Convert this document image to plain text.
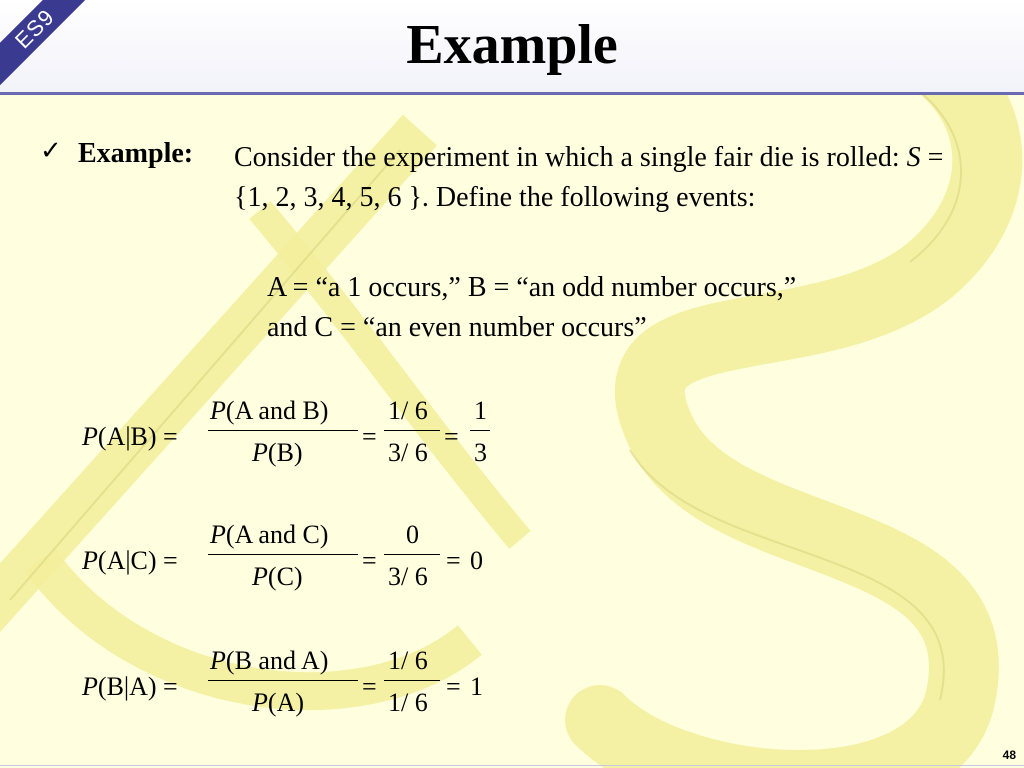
ES9	Example
✓ Example: Consider the experiment in which a single fair die is rolled: S = {1, 2, 3, 4, 5, 6 }. Define the following events:
A = “a 1 occurs,” B = “an odd number occurs,”
and C = “an even number occurs”
P(A|B) =
P(A and B)
P(B)
=
1/ 6
3/ 6
=
1
3
P(A|C) =
P(A and C)
P(C)
=
0
3/ 6
= 0
P(B|A) =
P(B and A)
P(A)
=
1/ 6
1/ 6
= 1
48
